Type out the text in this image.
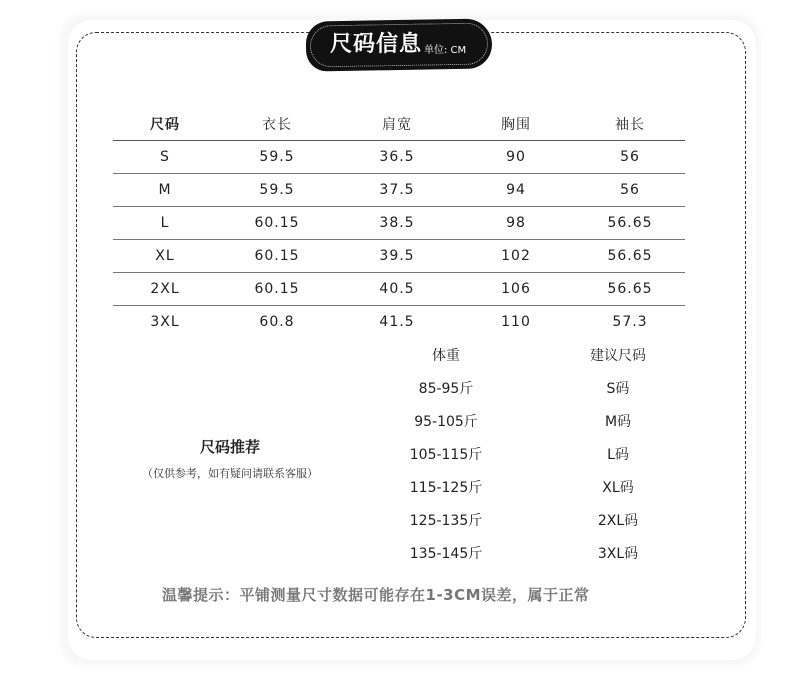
尺码信息 单位: CM
尺码	衣长	肩宽	胸围	袖长
S	59.5	36.5	90	56
M	59.5	37.5	94	56
L	60.15	38.5	98	56.65
XL	60.15	39.5	102	56.65
2XL	60.15	40.5	106	56.65
3XL	60.8	41.5	110	57.3
体重	建议尺码
85-95斤	S码
95-105斤	M码
105-115斤	L码
115-125斤	XL码
125-135斤	2XL码
135-145斤	3XL码
尺码推荐
（仅供参考，如有疑问请联系客服）
温馨提示：平铺测量尺寸数据可能存在1-3CM误差，属于正常
